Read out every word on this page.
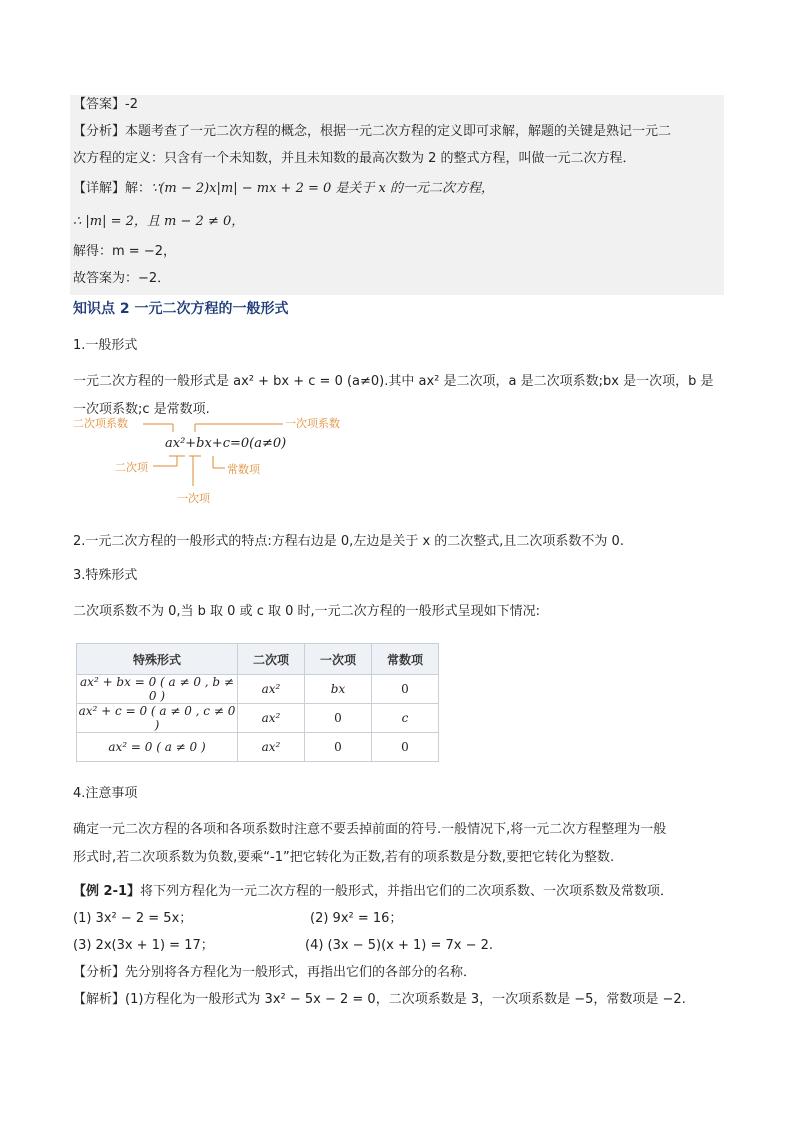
【答案】-2
【分析】本题考查了一元二次方程的概念，根据一元二次方程的定义即可求解，解题的关键是熟记一元二
次方程的定义：只含有一个未知数，并且未知数的最高次数为 2 的整式方程，叫做一元二次方程．
【详解】解：∵(m − 2)x|m| − mx + 2 = 0 是关于 x 的一元二次方程，
∴ |m| = 2，且 m − 2 ≠ 0，
解得：m = −2，
故答案为：−2．
知识点 2 一元二次方程的一般形式
1.一般形式
一元二次方程的一般形式是 ax² + bx + c = 0 (a≠0).其中 ax² 是二次项，a 是二次项系数;bx 是一次项，b 是
一次项系数;c 是常数项.
二次项系数	一次项系数
ax²+bx+c=0(a≠0)
二次项	常数项
一次项
2.一元二次方程的一般形式的特点:方程右边是 0,左边是关于 x 的二次整式,且二次项系数不为 0.
3.特殊形式
二次项系数不为 0,当 b 取 0 或 c 取 0 时,一元二次方程的一般形式呈现如下情况:
特殊形式	二次项	一次项	常数项
ax² + bx = 0 ( a ≠ 0 , b ≠ 0 )	ax²	bx	0
ax² + c = 0 ( a ≠ 0 , c ≠ 0 )	ax²	0	c
ax² = 0 ( a ≠ 0 )	ax²	0	0
4.注意事项
确定一元二次方程的各项和各项系数时注意不要丢掉前面的符号.一般情况下,将一元二次方程整理为一般
形式时,若二次项系数为负数,要乘“-1”把它转化为正数,若有的项系数是分数,要把它转化为整数.
【例 2-1】将下列方程化为一元二次方程的一般形式，并指出它们的二次项系数、一次项系数及常数项．
(1) 3x² − 2 = 5x；	(2) 9x² = 16；
(3) 2x(3x + 1) = 17；	(4) (3x − 5)(x + 1) = 7x − 2.
【分析】先分别将各方程化为一般形式，再指出它们的各部分的名称．
【解析】(1)方程化为一般形式为 3x² − 5x − 2 = 0，二次项系数是 3，一次项系数是 −5，常数项是 −2.
